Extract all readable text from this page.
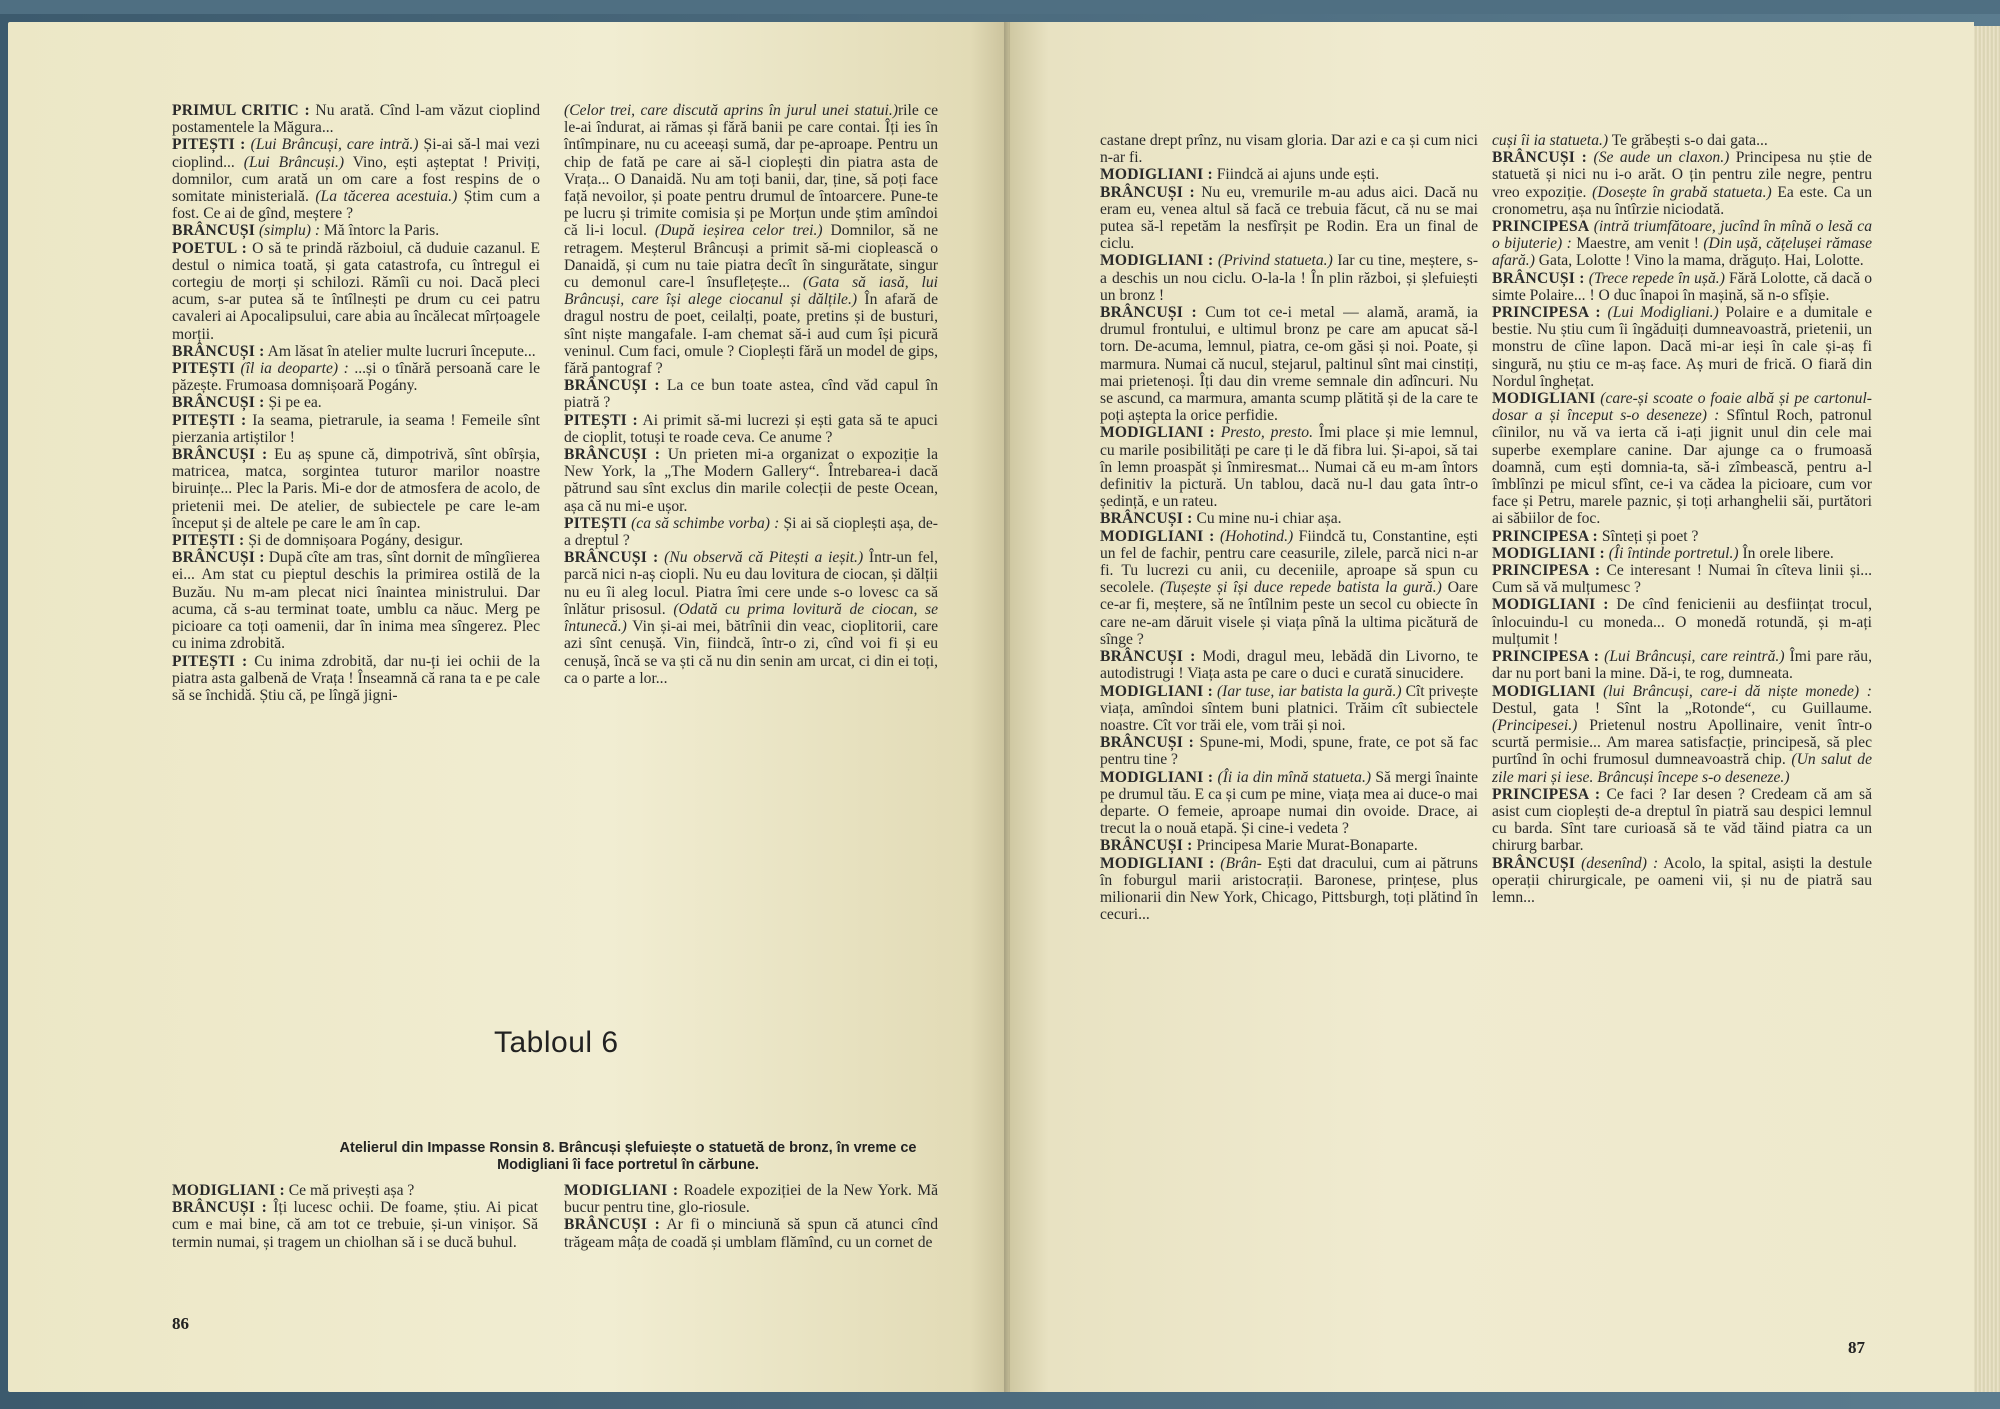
PRIMUL CRITIC : Nu arată. Cînd l-am văzut cioplind postamentele la Măgura...

PITEȘTI : (Lui Brâncuși, care intră.) Și-ai să-l mai vezi cioplind... (Lui Brâncuși.) Vino, ești așteptat ! Priviți, domnilor, cum arată un om care a fost respins de o somitate ministerială. (La tăcerea acestuia.) Știm cum a fost. Ce ai de gînd, meștere ?

BRÂNCUȘI (simplu) : Mă întorc la Paris.

POETUL : O să te prindă războiul, că duduie cazanul. E destul o nimica toată, și gata catastrofa, cu întregul ei cortegiu de morți și schilozi. Rămîi cu noi. Dacă pleci acum, s-ar putea să te întîlnești pe drum cu cei patru cavaleri ai Apocalipsului, care abia au încălecat mîrțoagele morții.

BRÂNCUȘI : Am lăsat în atelier multe lucruri începute...

PITEȘTI (îl ia deoparte) : ...și o tînără persoană care le păzește. Frumoasa domnișoară Pogány.

BRÂNCUȘI : Și pe ea.

PITEȘTI : Ia seama, pietrarule, ia seama ! Femeile sînt pierzania artiștilor !

BRÂNCUȘI : Eu aș spune că, dimpotrivă, sînt obîrșia, matricea, matca, sorgintea tuturor marilor noastre biruințe... Plec la Paris. Mi-e dor de atmosfera de acolo, de prietenii mei. De atelier, de subiectele pe care le-am început și de altele pe care le am în cap.

PITEȘTI : Și de domnișoara Pogány, desigur.

BRÂNCUȘI : După cîte am tras, sînt dornit de mîngîierea ei... Am stat cu pieptul deschis la primirea ostilă de la Buzău. Nu m-am plecat nici înaintea ministrului. Dar acuma, că s-au terminat toate, umblu ca năuc. Merg pe picioare ca toți oamenii, dar în inima mea sîngerez. Plec cu inima zdrobită.

PITEȘTI : Cu inima zdrobită, dar nu-ți iei ochii de la piatra asta galbenă de Vrața ! Înseamnă că rana ta e pe cale să se închidă. Știu că, pe lîngă jigni-

(Celor trei, care discută aprins în jurul unei statui.)rile ce le-ai îndurat, ai rămas și fără banii pe care contai. Îți ies în întîmpinare, nu cu aceeași sumă, dar pe-aproape. Pentru un chip de fată pe care ai să-l cioplești din piatra asta de Vrața... O Danaidă. Nu am toți banii, dar, ține, să poți face față nevoilor, și poate pentru drumul de întoarcere. Pune-te pe lucru și trimite comisia și pe Morțun unde știm amîndoi că li-i locul. (După ieșirea celor trei.) Domnilor, să ne retragem. Meșterul Brâncuși a primit să-mi cioplească o Danaidă, și cum nu taie piatra decît în singurătate, singur cu demonul care-l însuflețește... (Gata să iasă, lui Brâncuși, care își alege ciocanul și dălțile.) În afară de dragul nostru de poet, ceilalți, poate, pretins și de busturi, sînt niște mangafale. I-am chemat să-i aud cum își picură veninul. Cum faci, omule ? Cioplești fără un model de gips, fără pantograf ?

BRÂNCUȘI : La ce bun toate astea, cînd văd capul în piatră ?

PITEȘTI : Ai primit să-mi lucrezi și ești gata să te apuci de cioplit, totuși te roade ceva. Ce anume ?

BRÂNCUȘI : Un prieten mi-a organizat o expoziție la New York, la „The Modern Gallery“. Întrebarea-i dacă pătrund sau sînt exclus din marile colecții de peste Ocean, așa că nu mi-e ușor.

PITEȘTI (ca să schimbe vorba) : Și ai să cioplești așa, de-a dreptul ?

BRÂNCUȘI : (Nu observă că Pitești a ieșit.) Într-un fel, parcă nici n-aș ciopli. Nu eu dau lovitura de ciocan, și dălții nu eu îi aleg locul. Piatra îmi cere unde s-o lovesc ca să înlătur prisosul. (Odată cu prima lovitură de ciocan, se întunecă.) Vin și-ai mei, bătrînii din veac, cioplitorii, care azi sînt cenușă. Vin, fiindcă, într-o zi, cînd voi fi și eu cenușă, încă se va ști că nu din senin am urcat, ci din ei toți, ca o parte a lor...

Tabloul 6
Atelierul din Impasse Ronsin 8. Brâncuși șlefuiește o statuetă de bronz, în vreme ce Modigliani îi face portretul în cărbune.

MODIGLIANI : Ce mă privești așa ?

BRÂNCUȘI : Îți lucesc ochii. De foame, știu. Ai picat cum e mai bine, că am tot ce trebuie, și-un vinișor. Să termin numai, și tragem un chiolhan să i se ducă buhul.

MODIGLIANI : Roadele expoziției de la New York. Mă bucur pentru tine, glo-riosule.

BRÂNCUȘI : Ar fi o minciună să spun că atunci cînd trăgeam mâța de coadă și umblam flămînd, cu un cornet de

86

castane drept prînz, nu visam gloria. Dar azi e ca și cum nici n-ar fi.

MODIGLIANI : Fiindcă ai ajuns unde ești.

BRÂNCUȘI : Nu eu, vremurile m-au adus aici. Dacă nu eram eu, venea altul să facă ce trebuia făcut, că nu se mai putea să-l repetăm la nesfîrșit pe Rodin. Era un final de ciclu.

MODIGLIANI : (Privind statueta.) Iar cu tine, meștere, s-a deschis un nou ciclu. O-la-la ! În plin război, și șlefuiești un bronz !

BRÂNCUȘI : Cum tot ce-i metal — alamă, aramă, ia drumul frontului, e ultimul bronz pe care am apucat să-l torn. De-acuma, lemnul, piatra, ce-om găsi și noi. Poate, și marmura. Numai că nucul, stejarul, paltinul sînt mai cinstiți, mai prietenoși. Îți dau din vreme semnale din adîncuri. Nu se ascund, ca marmura, amanta scump plătită și de la care te poți aștepta la orice perfidie.

MODIGLIANI : Presto, presto. Îmi place și mie lemnul, cu marile posibilități pe care ți le dă fibra lui. Și-apoi, să tai în lemn proaspăt și înmiresmat... Numai că eu m-am întors definitiv la pictură. Un tablou, dacă nu-l dau gata într-o ședință, e un rateu.

BRÂNCUȘI : Cu mine nu-i chiar așa.

MODIGLIANI : (Hohotind.) Fiindcă tu, Constantine, ești un fel de fachir, pentru care ceasurile, zilele, parcă nici n-ar fi. Tu lucrezi cu anii, cu deceniile, aproape să spun cu secolele. (Tușește și își duce repede batista la gură.) Oare ce-ar fi, meștere, să ne întîlnim peste un secol cu obiecte în care ne-am dăruit visele și viața pînă la ultima picătură de sînge ?

BRÂNCUȘI : Modi, dragul meu, lebădă din Livorno, te autodistrugi ! Viața asta pe care o duci e curată sinucidere.

MODIGLIANI : (Iar tuse, iar batista la gură.) Cît privește viața, amîndoi sîntem buni platnici. Trăim cît subiectele noastre. Cît vor trăi ele, vom trăi și noi.

BRÂNCUȘI : Spune-mi, Modi, spune, frate, ce pot să fac pentru tine ?

MODIGLIANI : (Îi ia din mînă statueta.) Să mergi înainte pe drumul tău. E ca și cum pe mine, viața mea ai duce-o mai departe. O femeie, aproape numai din ovoide. Drace, ai trecut la o nouă etapă. Și cine-i vedeta ?

BRÂNCUȘI : Principesa Marie Murat-Bonaparte.

MODIGLIANI : (Brân- Ești dat dracului, cum ai pătruns în foburgul marii aristocrații. Baronese, prințese, plus milionarii din New York, Chicago, Pittsburgh, toți plătind în cecuri...

cuși îi ia statueta.) Te grăbești s-o dai gata...

BRÂNCUȘI : (Se aude un claxon.) Principesa nu știe de statuetă și nici nu i-o arăt. O țin pentru zile negre, pentru vreo expoziție. (Dosește în grabă statueta.) Ea este. Ca un cronometru, așa nu întîrzie niciodată.

PRINCIPESA (intră triumfătoare, jucînd în mînă o lesă ca o bijuterie) : Maestre, am venit ! (Din ușă, cățelușei rămase afară.) Gata, Lolotte ! Vino la mama, drăguțo. Hai, Lolotte.

BRÂNCUȘI : (Trece repede în ușă.) Fără Lolotte, că dacă o simte Polaire... ! O duc înapoi în mașină, să n-o sfîșie.

PRINCIPESA : (Lui Modigliani.) Polaire e a dumitale e bestie. Nu știu cum îi îngăduiți dumneavoastră, prietenii, un monstru de cîine lapon. Dacă mi-ar ieși în cale și-aș fi singură, nu știu ce m-aș face. Aș muri de frică. O fiară din Nordul înghețat.

MODIGLIANI (care-și scoate o foaie albă și pe cartonul-dosar a și început s-o deseneze) : Sfîntul Roch, patronul cîinilor, nu vă va ierta că i-ați jignit unul din cele mai superbe exemplare canine. Dar ajunge ca o frumoasă doamnă, cum ești domnia-ta, să-i zîmbească, pentru a-l îmblînzi pe micul sfînt, ce-i va cădea la picioare, cum vor face și Petru, marele paznic, și toți arhanghelii săi, purtători ai săbiilor de foc.

PRINCIPESA : Sînteți și poet ?

MODIGLIANI : (Îi întinde portretul.) În orele libere.

PRINCIPESA : Ce interesant ! Numai în cîteva linii și... Cum să vă mulțumesc ?

MODIGLIANI : De cînd fenicienii au desființat trocul, înlocuindu-l cu moneda... O monedă rotundă, și m-ați mulțumit !

PRINCIPESA : (Lui Brâncuși, care reintră.) Îmi pare rău, dar nu port bani la mine. Dă-i, te rog, dumneata.

MODIGLIANI (lui Brâncuși, care-i dă niște monede) : Destul, gata ! Sînt la „Rotonde“, cu Guillaume. (Principesei.) Prietenul nostru Apollinaire, venit într-o scurtă permisie... Am marea satisfacție, principesă, să plec purtînd în ochi frumosul dumneavoastră chip. (Un salut de zile mari și iese. Brâncuși începe s-o deseneze.)

PRINCIPESA : Ce faci ? Iar desen ? Credeam că am să asist cum cioplești de-a dreptul în piatră sau despici lemnul cu barda. Sînt tare curioasă să te văd tăind piatra ca un chirurg barbar.

BRÂNCUȘI (desenînd) : Acolo, la spital, asiști la destule operații chirurgicale, pe oameni vii, și nu de piatră sau lemn...

87
